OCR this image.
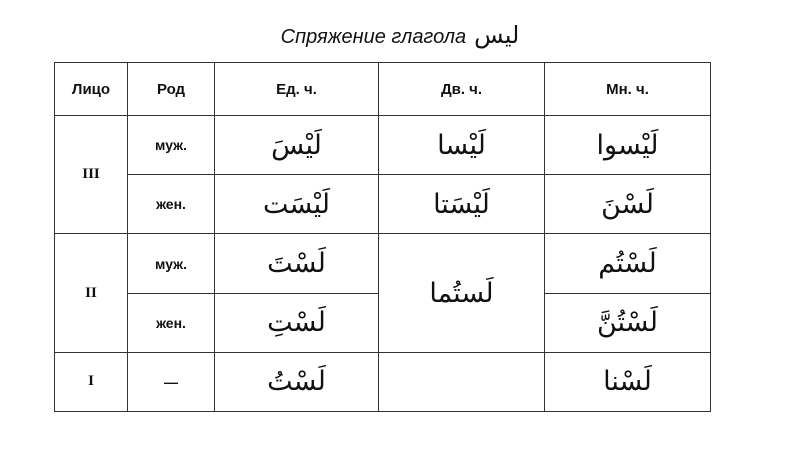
Спряжение глагола ليس
Лицо	Род	Ед. ч.	Дв. ч.	Мн. ч.
III	муж.	لَيْسَ	لَيْسا	لَيْسوا
	жен.	لَيْسَت	لَيْسَتا	لَسْنَ
II	муж.	لَسْتَ	لَستُما	لَسْتُم
	жен.	لَسْتِ		لَسْتُنَّ
I	—	لَسْتُ		لَسْنا
